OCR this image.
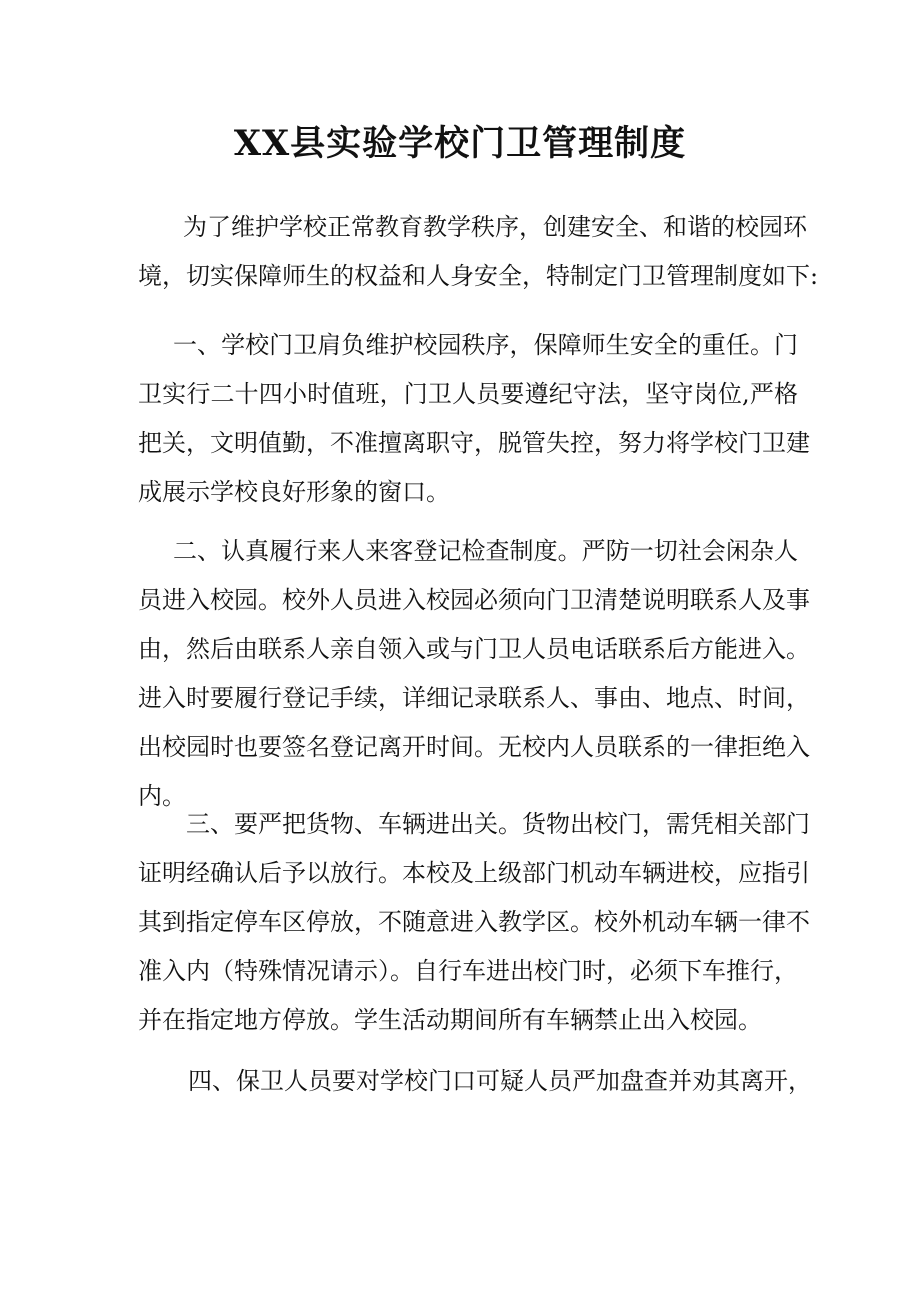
XX县实验学校门卫管理制度
为了维护学校正常教育教学秩序，创建安全、和谐的校园环
境，切实保障师生的权益和人身安全，特制定门卫管理制度如下:
一、学校门卫肩负维护校园秩序，保障师生安全的重任。门
卫实行二十四小时值班，门卫人员要遵纪守法，坚守岗位,严格
把关，文明值勤，不准擅离职守，脱管失控，努力将学校门卫建
成展示学校良好形象的窗口。
二、认真履行来人来客登记检查制度。严防一切社会闲杂人
员进入校园。校外人员进入校园必须向门卫清楚说明联系人及事
由，然后由联系人亲自领入或与门卫人员电话联系后方能进入。
进入时要履行登记手续，详细记录联系人、事由、地点、时间，
出校园时也要签名登记离开时间。无校内人员联系的一律拒绝入
内。
三、要严把货物、车辆进出关。货物出校门，需凭相关部门
证明经确认后予以放行。本校及上级部门机动车辆进校，应指引
其到指定停车区停放，不随意进入教学区。校外机动车辆一律不
准入内（特殊情况请示）。自行车进出校门时，必须下车推行，
并在指定地方停放。学生活动期间所有车辆禁止出入校园。
四、保卫人员要对学校门口可疑人员严加盘查并劝其离开，
